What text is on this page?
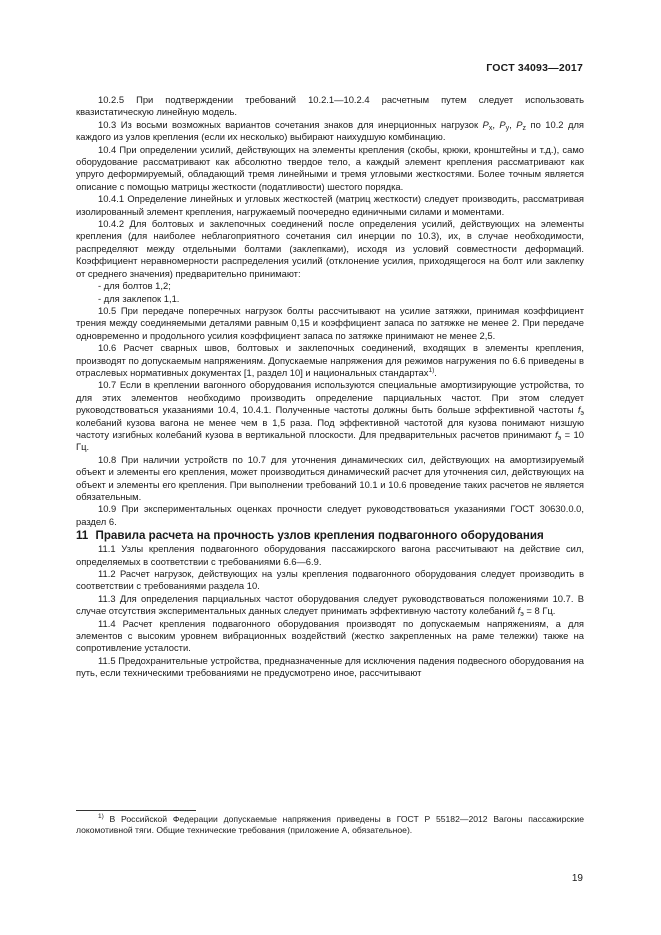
ГОСТ 34093—2017

10.2.5 При подтверждении требований 10.2.1—10.2.4 расчетным путем следует использовать квазистатическую линейную модель.

10.3 Из восьми возможных вариантов сочетания знаков для инерционных нагрузок $P_x$, $P_y$, $P_z$ по 10.2 для каждого из узлов крепления (если их несколько) выбирают наихудшую комбинацию.

10.4 При определении усилий, действующих на элементы крепления (скобы, крюки, кронштейны и т.д.), само оборудование рассматривают как абсолютно твердое тело, а каждый элемент крепления рассматривают как упруго деформируемый, обладающий тремя линейными и тремя угловыми жесткостями. Более точным является описание с помощью матрицы жесткости (податливости) шестого порядка.

10.4.1 Определение линейных и угловых жесткостей (матриц жесткости) следует производить, рассматривая изолированный элемент крепления, нагружаемый поочередно единичными силами и моментами.

10.4.2 Для болтовых и заклепочных соединений после определения усилий, действующих на элементы крепления (для наиболее неблагоприятного сочетания сил инерции по 10.3), их, в случае необходимости, распределяют между отдельными болтами (заклепками), исходя из условий совместности деформаций. Коэффициент неравномерности распределения усилий (отклонение усилия, приходящегося на болт или заклепку от среднего значения) предварительно принимают:

- для болтов 1,2;

- для заклепок 1,1.

10.5 При передаче поперечных нагрузок болты рассчитывают на усилие затяжки, принимая коэффициент трения между соединяемыми деталями равным 0,15 и коэффициент запаса по затяжке не менее 2. При передаче одновременно и продольного усилия коэффициент запаса по затяжке принимают не менее 2,5.

10.6 Расчет сварных швов, болтовых и заклепочных соединений, входящих в элементы крепления, производят по допускаемым напряжениям. Допускаемые напряжения для режимов нагружения по 6.6 приведены в отраслевых нормативных документах [1, раздел 10] и национальных стандартах$^{1)}$.

10.7 Если в креплении вагонного оборудования используются специальные амортизирующие устройства, то для этих элементов необходимо производить определение парциальных частот. При этом следует руководствоваться указаниями 10.4, 10.4.1. Полученные частоты должны быть больше эффективной частоты $f_э$ колебаний кузова вагона не менее чем в 1,5 раза. Под эффективной частотой для кузова понимают низшую частоту изгибных колебаний кузова в вертикальной плоскости. Для предварительных расчетов принимают $f_э = 10$ Гц.

10.8 При наличии устройств по 10.7 для уточнения динамических сил, действующих на амортизируемый объект и элементы его крепления, может производиться динамический расчет для уточнения сил, действующих на объект и элементы его крепления. При выполнении требований 10.1 и 10.6 проведение таких расчетов не является обязательным.

10.9 При экспериментальных оценках прочности следует руководствоваться указаниями ГОСТ 30630.0.0, раздел 6.

11 Правила расчета на прочность узлов крепления подвагонного оборудования

11.1 Узлы крепления подвагонного оборудования пассажирского вагона рассчитывают на действие сил, определяемых в соответствии с требованиями 6.6—6.9.

11.2 Расчет нагрузок, действующих на узлы крепления подвагонного оборудования следует производить в соответствии с требованиями раздела 10.

11.3 Для определения парциальных частот оборудования следует руководствоваться положениями 10.7. В случае отсутствия экспериментальных данных следует принимать эффективную частоту колебаний $f_э = 8$ Гц.

11.4 Расчет крепления подвагонного оборудования производят по допускаемым напряжениям, а для элементов с высоким уровнем вибрационных воздействий (жестко закрепленных на раме тележки) также на сопротивление усталости.

11.5 Предохранительные устройства, предназначенные для исключения падения подвесного оборудования на путь, если техническими требованиями не предусмотрено иное, рассчитывают

$^{1)}$ В Российской Федерации допускаемые напряжения приведены в ГОСТ Р 55182—2012 Вагоны пассажирские локомотивной тяги. Общие технические требования (приложение А, обязательное).
19
